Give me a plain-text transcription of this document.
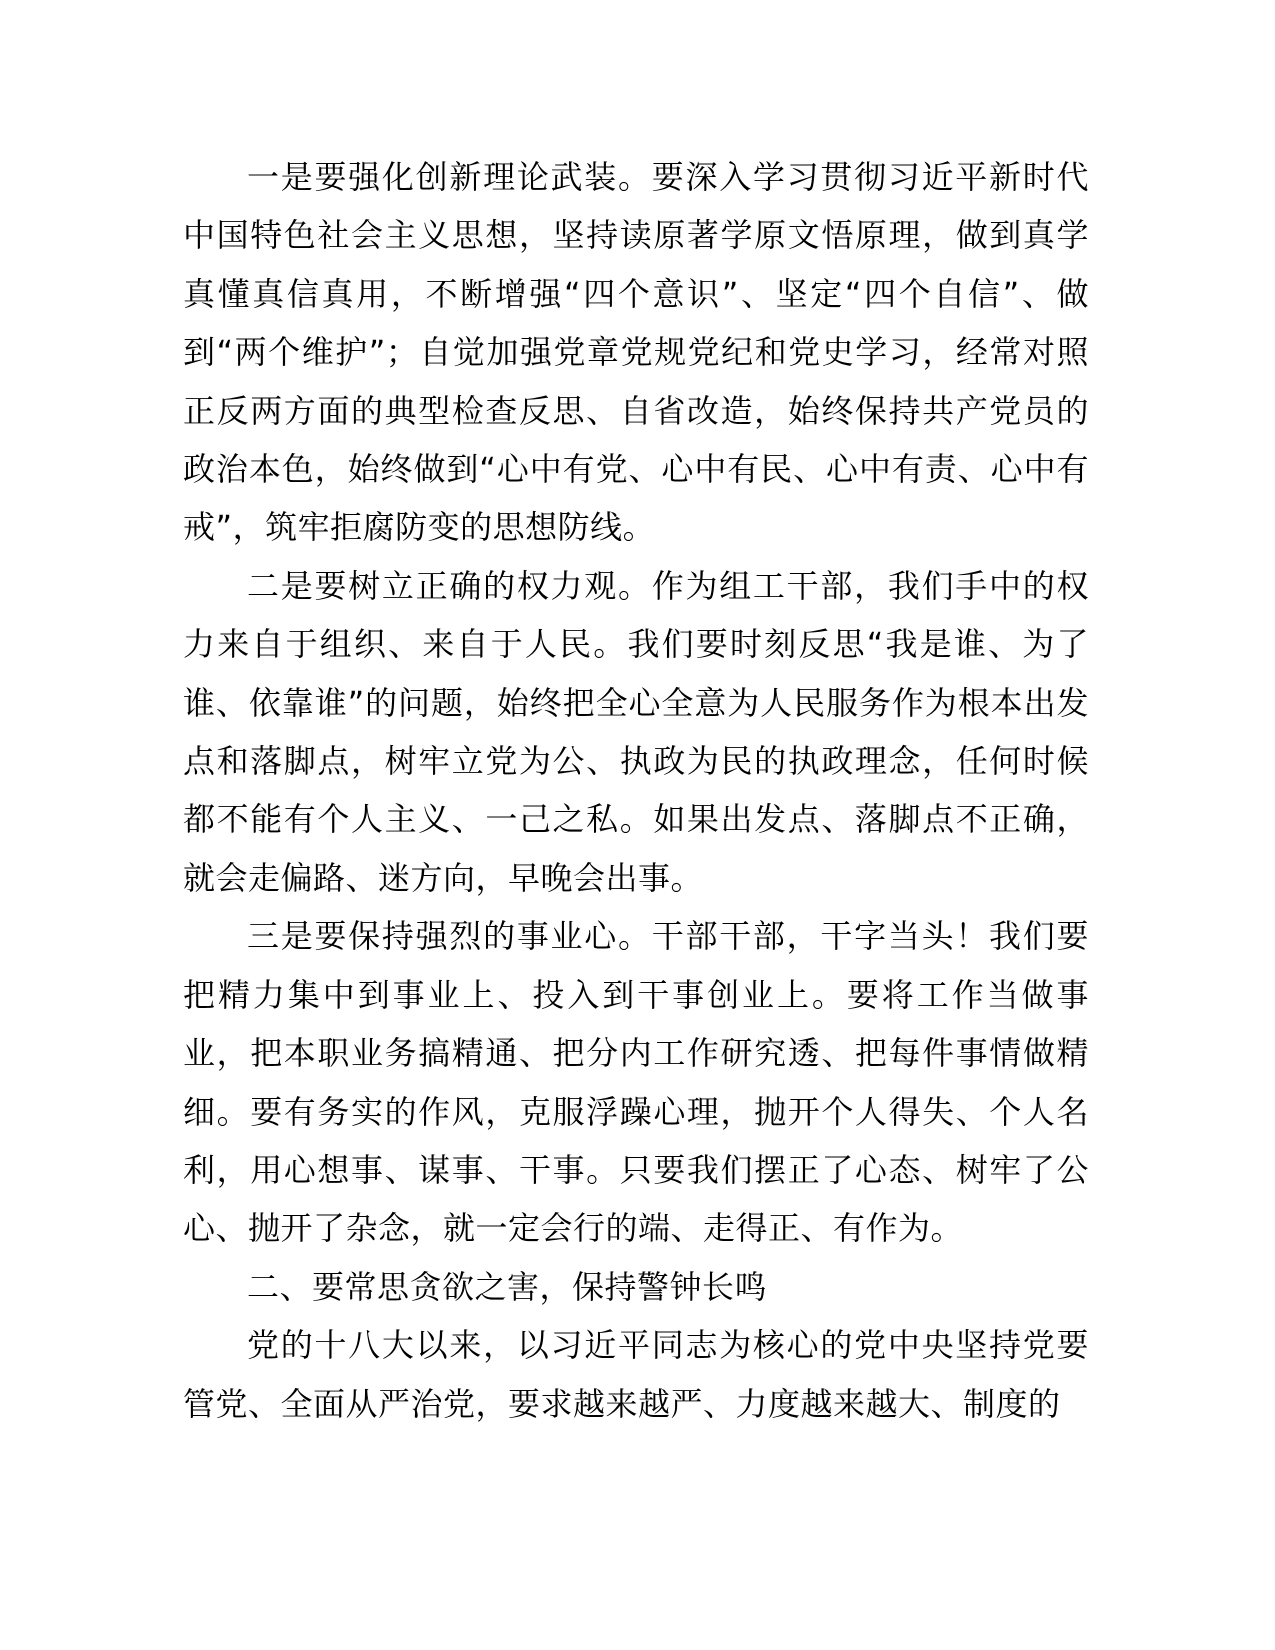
一是要强化创新理论武装。要深入学习贯彻习近平新时代中国特色社会主义思想，坚持读原著学原文悟原理，做到真学真懂真信真用，不断增强“四个意识”、坚定“四个自信”、做到“两个维护”；自觉加强党章党规党纪和党史学习，经常对照正反两方面的典型检查反思、自省改造，始终保持共产党员的政治本色，始终做到“心中有党、心中有民、心中有责、心中有戒”，筑牢拒腐防变的思想防线。

二是要树立正确的权力观。作为组工干部，我们手中的权力来自于组织、来自于人民。我们要时刻反思“我是谁、为了谁、依靠谁”的问题，始终把全心全意为人民服务作为根本出发点和落脚点，树牢立党为公、执政为民的执政理念，任何时候都不能有个人主义、一己之私。如果出发点、落脚点不正确，就会走偏路、迷方向，早晚会出事。

三是要保持强烈的事业心。干部干部，干字当头！我们要把精力集中到事业上、投入到干事创业上。要将工作当做事业，把本职业务搞精通、把分内工作研究透、把每件事情做精细。要有务实的作风，克服浮躁心理，抛开个人得失、个人名利，用心想事、谋事、干事。只要我们摆正了心态、树牢了公心、抛开了杂念，就一定会行的端、走得正、有作为。

二、要常思贪欲之害，保持警钟长鸣

党的十八大以来，以习近平同志为核心的党中央坚持党要管党、全面从严治党，要求越来越严、力度越来越大、制度的
